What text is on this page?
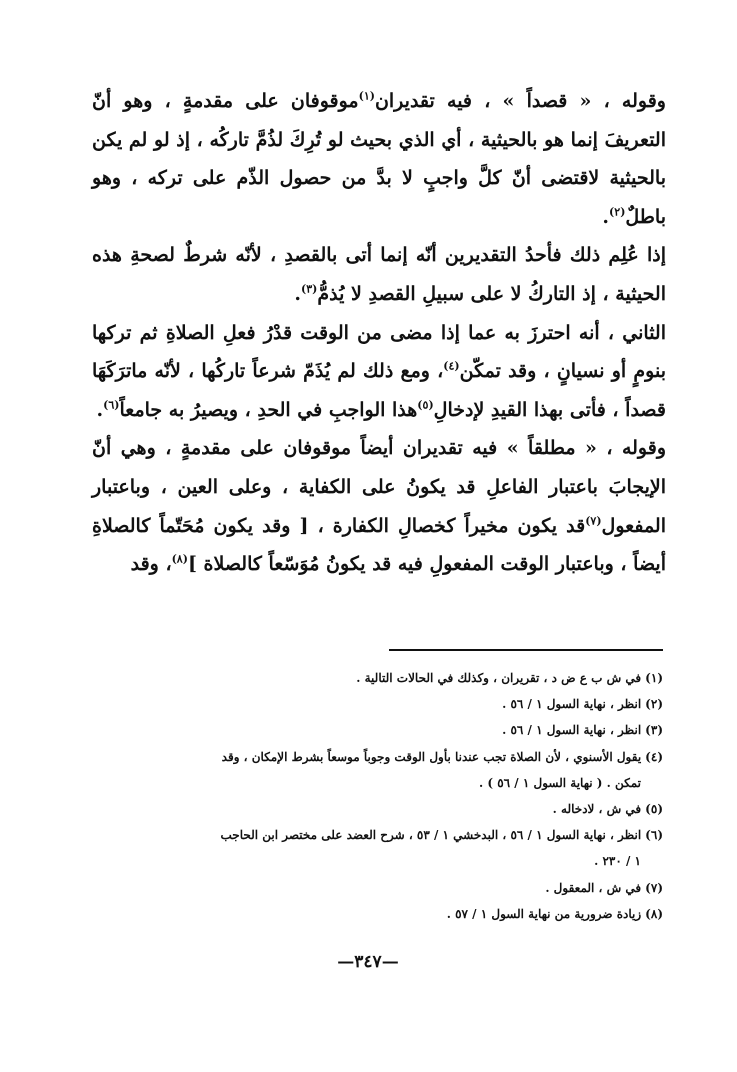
وقوله ، « قصداً » ، فيه تقديران$^{(١)}$موقوفان على مقدمةٍ ، وهو أنّ التعريفَ إنما هو بالحيثية ، أي الذي بحيث لو تُرِكَ لذُمَّ تاركُه ، إذ لو لم يكن بالحيثية لاقتضى أنّ كلَّ واجبٍ لا بدَّ من حصول الذّم على تركه ، وهو باطلٌ$^{(٢)}$.

إذا عُلِم ذلك فأحدُ التقديرين أنّه إنما أتى بالقصدِ ، لأنّه شرطٌ لصحةِ هذه الحيثية ، إذ التاركُ لا على سبيلِ القصدِ لا يُذمُّ$^{(٣)}$.

الثاني ، أنه احترزَ به عما إذا مضى من الوقت قدْرُ فعلِ الصلاةِ ثم تركها بنومٍ أو نسيانٍ ، وقد تمكّن$^{(٤)}$، ومع ذلك لم يُذَمّ شرعاً تاركُها ، لأنّه ماترَكَهَا قصداً ، فأتى بهذا القيدِ لإدخالِ$^{(٥)}$هذا الواجبِ في الحدِ ، ويصيرُ به جامعاً$^{(٦)}$.

وقوله ، « مطلقاً » فيه تقديران أيضاً موقوفان على مقدمةٍ ، وهي أنّ الإيجابَ باعتبار الفاعلِ قد يكونُ على الكفاية ، وعلى العين ، وباعتبار المفعول$^{(٧)}$قد يكون مخيراً كخصالِ الكفارة ، [ وقد يكون مُحَتّماً كالصلاةِ أيضاً ، وباعتبار الوقت المفعولِ فيه قد يكونُ مُوَسّعاً كالصلاة ]$^{(٨)}$، وقد

(١)في ش ب ع ض د ، تقريران ، وكذلك في الحالات التالية .

(٢)انظر ، نهاية السول ١ / ٥٦ .

(٣)انظر ، نهاية السول ١ / ٥٦ .

(٤)يقول الأسنوي ، لأن الصلاة تجب عندنا بأول الوقت وجوباً موسعاً بشرط الإمكان ، وقد
تمكن . ( نهاية السول ١ / ٥٦ ) .

(٥)في ش ، لادخاله .

(٦)انظر ، نهاية السول ١ / ٥٦ ، البدخشي ١ / ٥٣ ، شرح العضد على مختصر ابن الحاجب
١ / ٢٣٠ .

(٧)في ش ، المعقول .

(٨)زيادة ضرورية من نهاية السول ١ / ٥٧ .

—٣٤٧—
